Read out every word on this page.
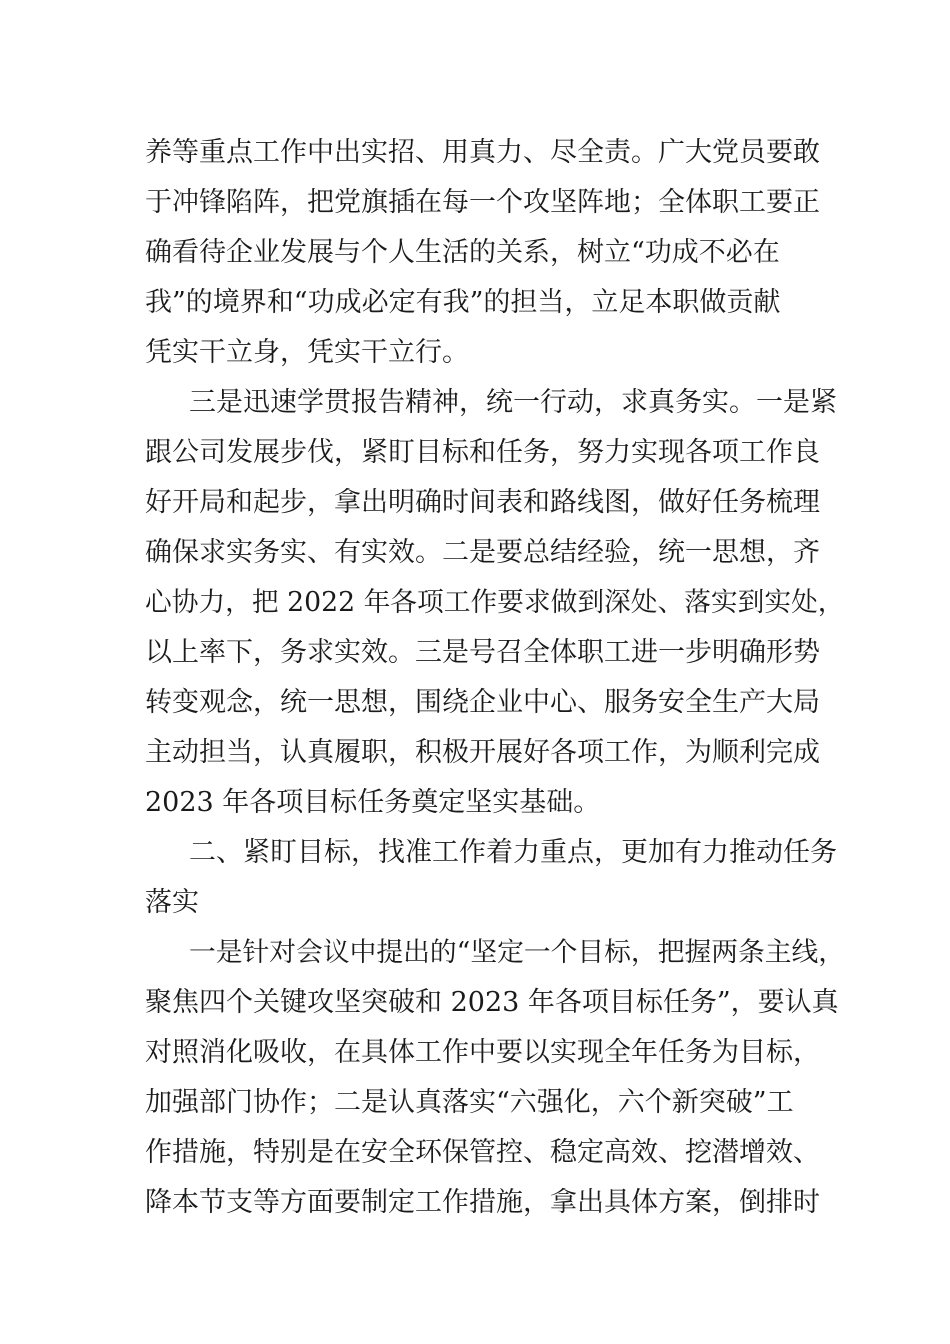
养等重点工作中出实招、用真力、尽全责。广大党员要敢
于冲锋陷阵，把党旗插在每一个攻坚阵地；全体职工要正
确看待企业发展与个人生活的关系，树立“功成不必在
我”的境界和“功成必定有我”的担当，立足本职做贡献
凭实干立身，凭实干立行。
三是迅速学贯报告精神，统一行动，求真务实。一是紧
跟公司发展步伐，紧盯目标和任务，努力实现各项工作良
好开局和起步，拿出明确时间表和路线图，做好任务梳理
确保求实务实、有实效。二是要总结经验，统一思想，齐
心协力，把 2022 年各项工作要求做到深处、落实到实处，
以上率下，务求实效。三是号召全体职工进一步明确形势
转变观念，统一思想，围绕企业中心、服务安全生产大局
主动担当，认真履职，积极开展好各项工作，为顺利完成
2023 年各项目标任务奠定坚实基础。
二、紧盯目标，找准工作着力重点，更加有力推动任务
落实
一是针对会议中提出的“坚定一个目标，把握两条主线，
聚焦四个关键攻坚突破和 2023 年各项目标任务”，要认真
对照消化吸收，在具体工作中要以实现全年任务为目标，
加强部门协作；二是认真落实“六强化，六个新突破”工
作措施，特别是在安全环保管控、稳定高效、挖潜增效、
降本节支等方面要制定工作措施，拿出具体方案，倒排时
